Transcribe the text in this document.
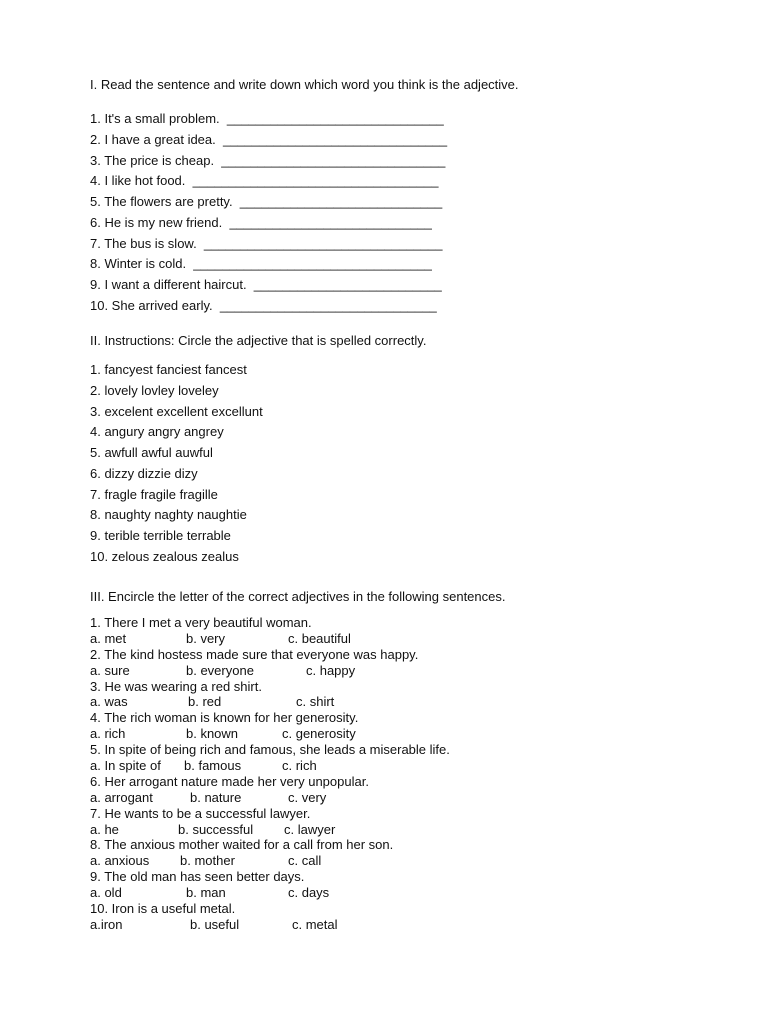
I. Read the sentence and write down which word you think is the adjective.
1. It's a small problem.  ______________________________
2. I have a great idea.  _______________________________
3. The price is cheap.  _______________________________
4. I like hot food.  __________________________________
5. The flowers are pretty.  ____________________________
6. He is my new friend.  ____________________________
7. The bus is slow.  _________________________________
8. Winter is cold.  _________________________________
9. I want a different haircut.  __________________________
10. She arrived early.  ______________________________
II. Instructions: Circle the adjective that is spelled correctly.
1. fancyest fanciest fancest
2. lovely lovley loveley
3. excelent excellent excellunt
4. angury angry angrey
5. awfull awful auwful
6. dizzy dizzie dizy
7. fragle fragile fragille
8. naughty naghty naughtie
9. terible terrible terrable
10. zelous zealous zealus
III. Encircle the letter of the correct adjectives in the following sentences.
1. There I met a very beautiful woman.

a. met

	b. very

	c. beautiful

2. The kind hostess made sure that everyone was happy.

a. sure

	b. everyone

	c. happy

3. He was wearing a red shirt.

a. was

	b. red

	c. shirt

4. The rich woman is known for her generosity.

a. rich

	b. known

	c. generosity

5. In spite of being rich and famous, she leads a miserable life.

a. In spite of

b. famous

	c. rich

6. Her arrogant nature made her very unpopular.

a. arrogant

	b. nature

	c. very

7. He wants to be a successful lawyer.

a. he

	b. successful

c. lawyer

8. The anxious mother waited for a call from her son.

a. anxious

b. mother

	c. call

9. The old man has seen better days.

a. old

	b. man

	c. days

10. Iron is a useful metal.

a.iron

	b. useful

	c. metal
